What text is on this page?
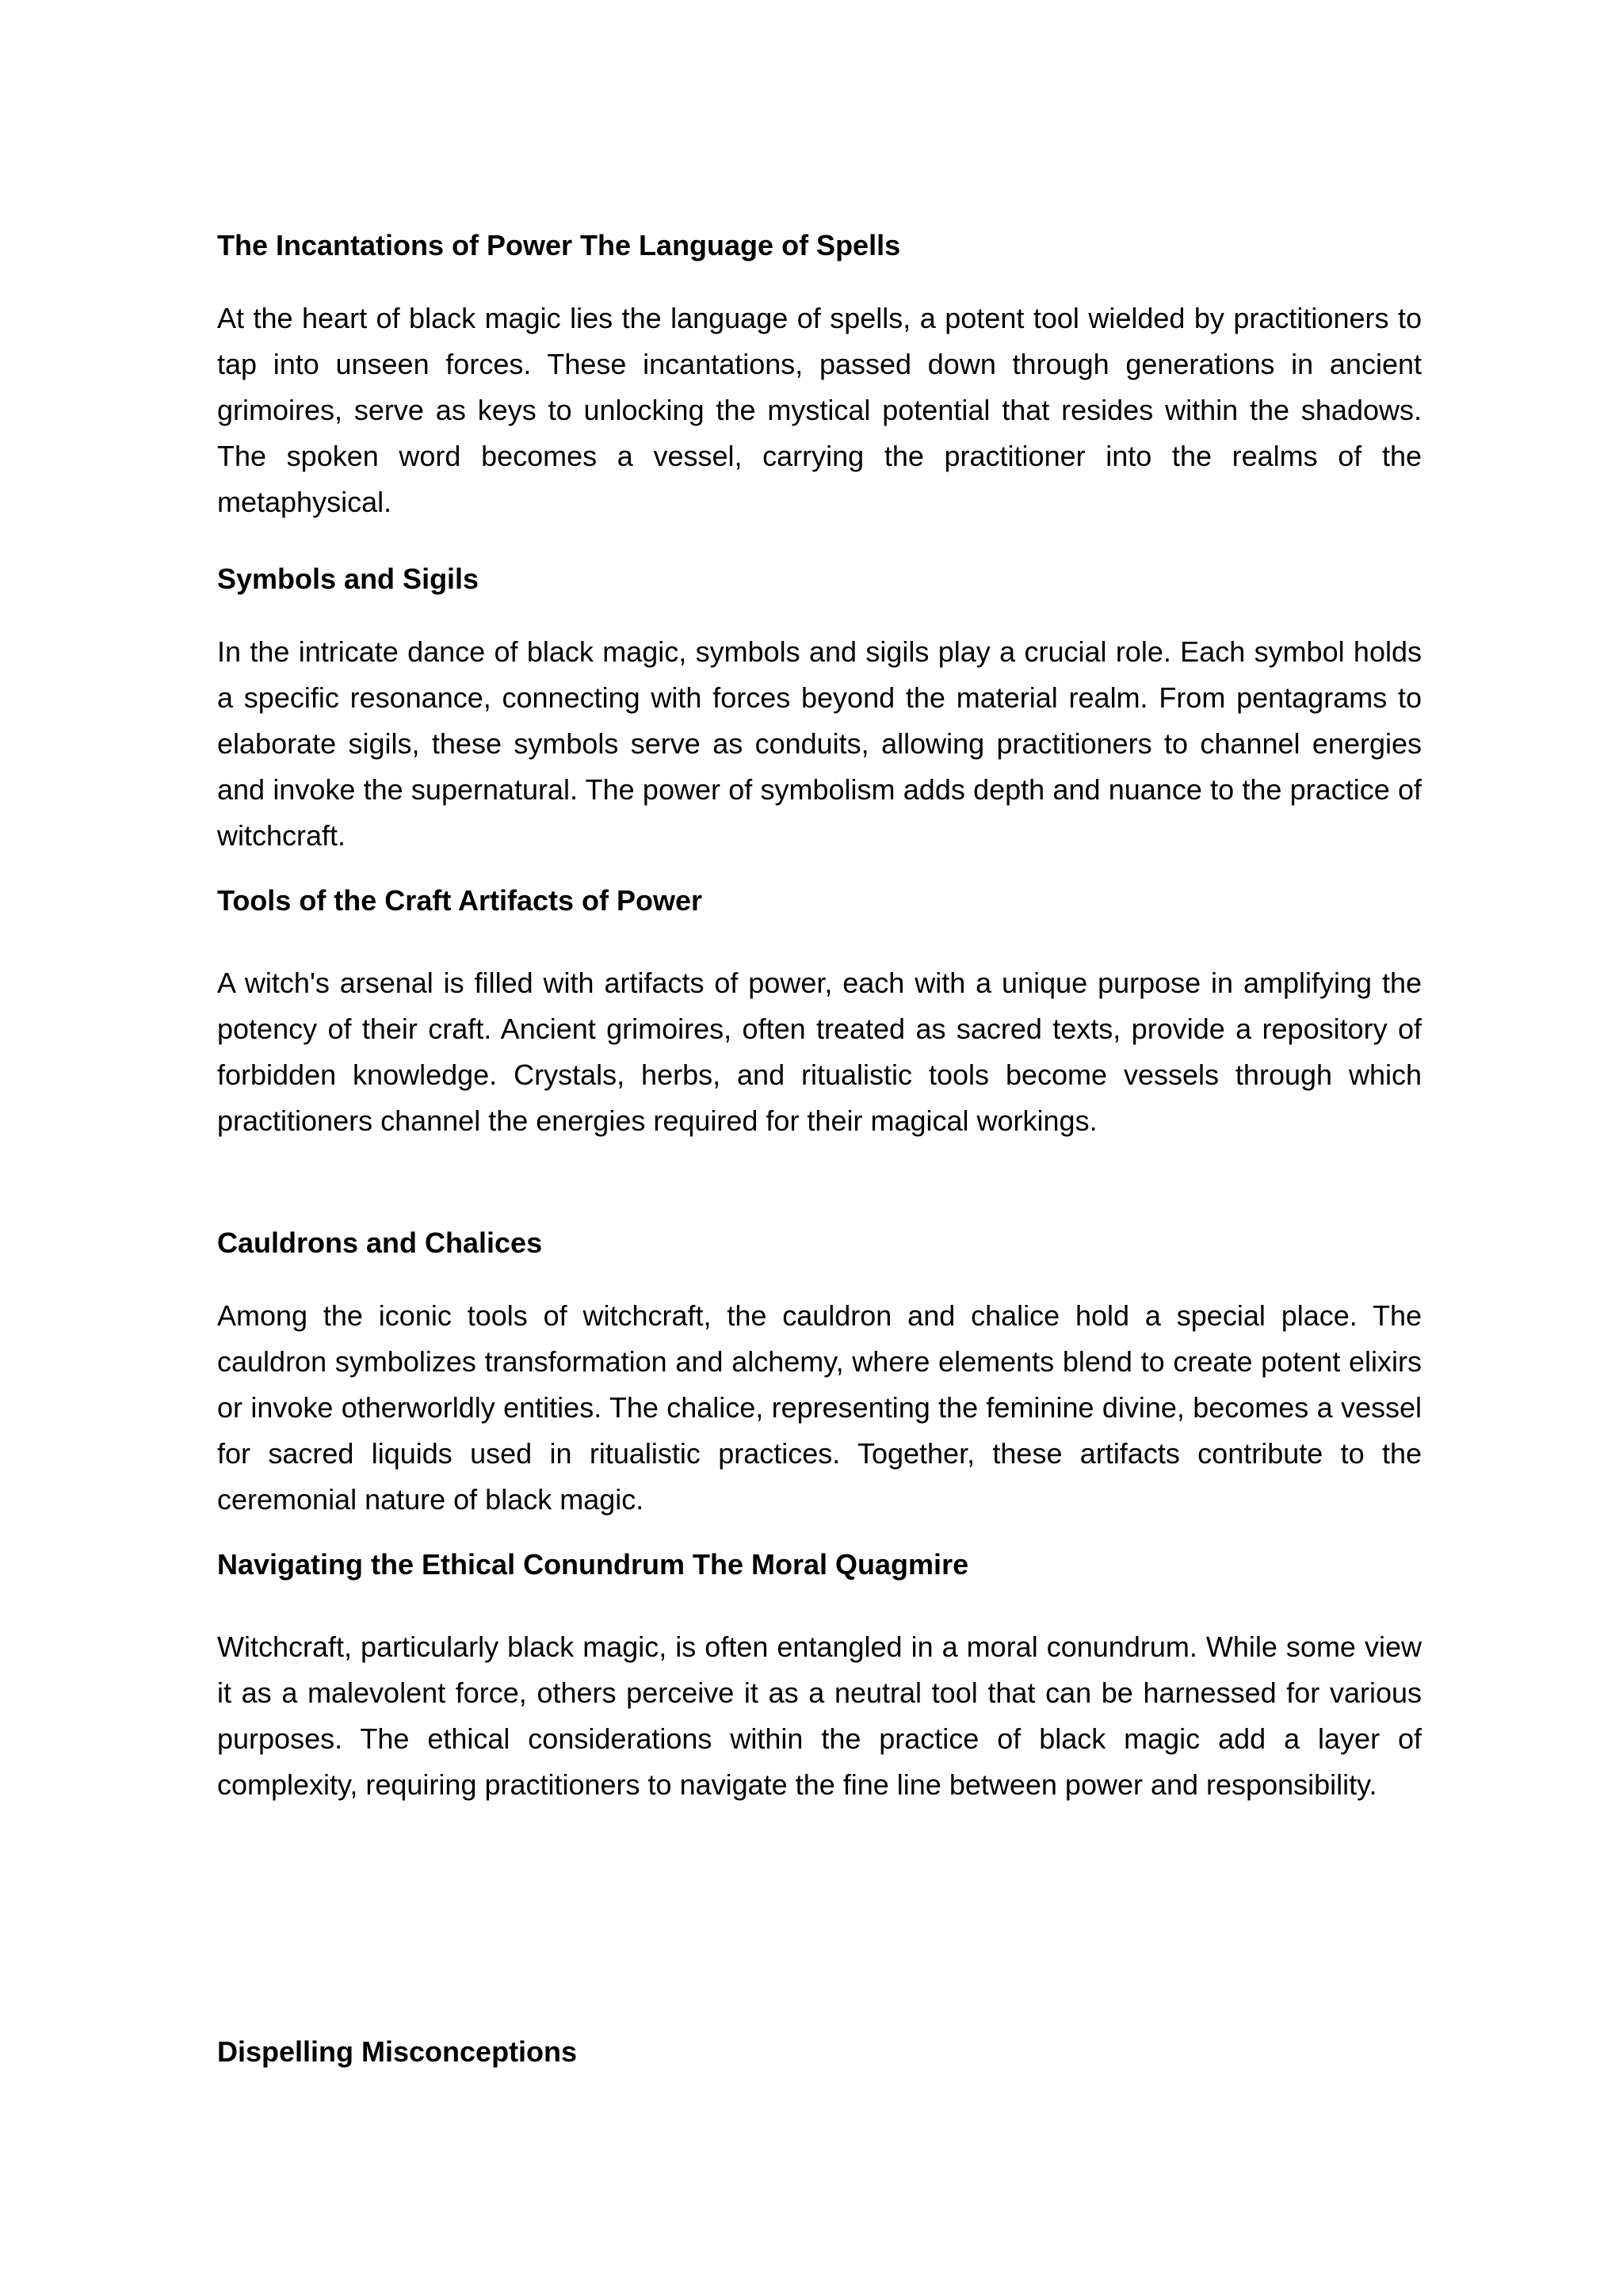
The Incantations of Power The Language of Spells

At the heart of black magic lies the language of spells, a potent tool wielded by practitioners to tap into unseen forces. These incantations, passed down through generations in ancient grimoires, serve as keys to unlocking the mystical potential that resides within the shadows. The spoken word becomes a vessel, carrying the practitioner into the realms of the metaphysical.

Symbols and Sigils

In the intricate dance of black magic, symbols and sigils play a crucial role. Each symbol holds a specific resonance, connecting with forces beyond the material realm. From pentagrams to elaborate sigils, these symbols serve as conduits, allowing practitioners to channel energies and invoke the supernatural. The power of symbolism adds depth and nuance to the practice of witchcraft.

Tools of the Craft Artifacts of Power

A witch's arsenal is filled with artifacts of power, each with a unique purpose in amplifying the potency of their craft. Ancient grimoires, often treated as sacred texts, provide a repository of forbidden knowledge. Crystals, herbs, and ritualistic tools become vessels through which practitioners channel the energies required for their magical workings.

Cauldrons and Chalices

Among the iconic tools of witchcraft, the cauldron and chalice hold a special place. The cauldron symbolizes transformation and alchemy, where elements blend to create potent elixirs or invoke otherworldly entities. The chalice, representing the feminine divine, becomes a vessel for sacred liquids used in ritualistic practices. Together, these artifacts contribute to the ceremonial nature of black magic.

Navigating the Ethical Conundrum The Moral Quagmire

Witchcraft, particularly black magic, is often entangled in a moral conundrum. While some view it as a malevolent force, others perceive it as a neutral tool that can be harnessed for various purposes. The ethical considerations within the practice of black magic add a layer of complexity, requiring practitioners to navigate the fine line between power and responsibility.

Dispelling Misconceptions
